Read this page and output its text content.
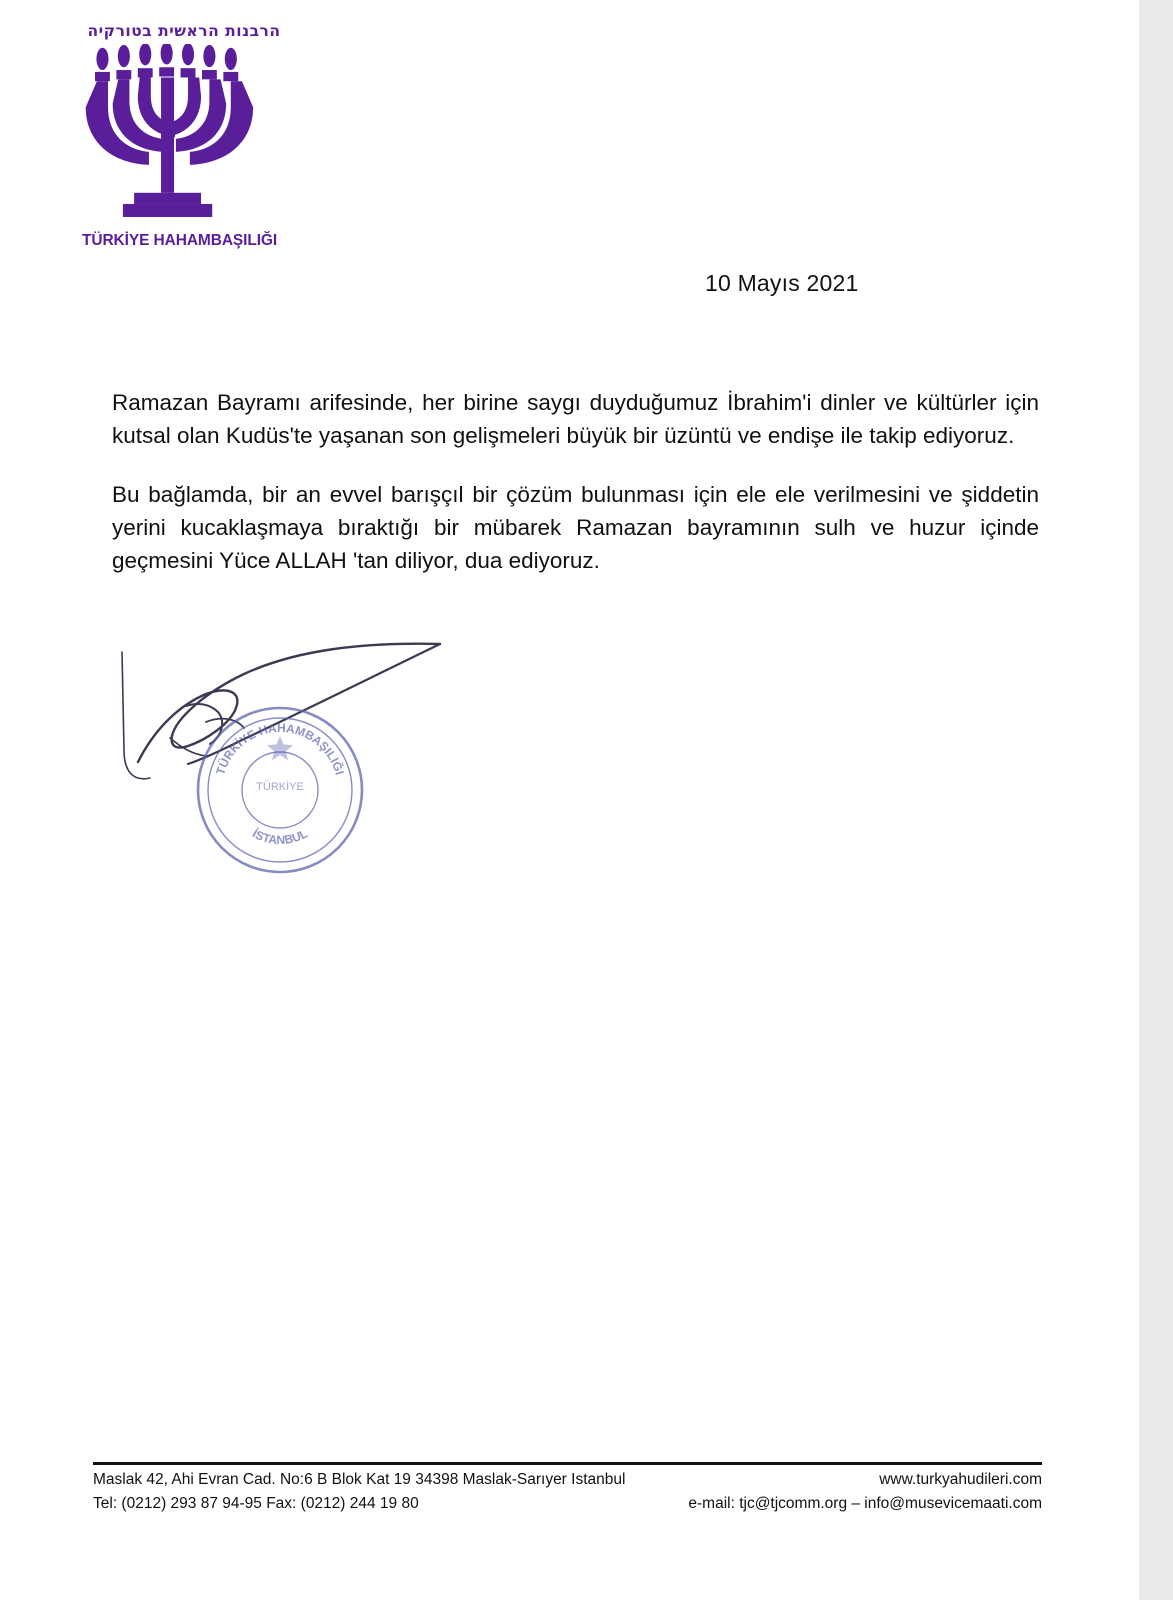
הרבנות הראשית בטורקיה
TÜRKİYE HAHAMBAŞILIĞI
10 Mayıs 2021

Ramazan Bayramı arifesinde, her birine saygı duyduğumuz İbrahim'i dinler ve kültürler için kutsal olan Kudüs'te yaşanan son gelişmeleri büyük bir üzüntü ve endişe ile takip ediyoruz.

Bu bağlamda, bir an evvel barışçıl bir çözüm bulunması için ele ele verilmesini ve şiddetin yerini kucaklaşmaya bıraktığı bir mübarek Ramazan bayramının sulh ve huzur içinde geçmesini Yüce ALLAH 'tan diliyor, dua ediyoruz.

TÜRKİYE
TÜRKİYE HAHAMBAŞILIĞI
İSTANBUL
Maslak 42, Ahi Evran Cad. No:6 B Blok Kat 19 34398 Maslak-Sarıyer Istanbul	www.turkyahudileri.com
Tel: (0212) 293 87 94-95 Fax: (0212) 244 19 80	e-mail: tjc@tjcomm.org – info@musevicemaati.com
